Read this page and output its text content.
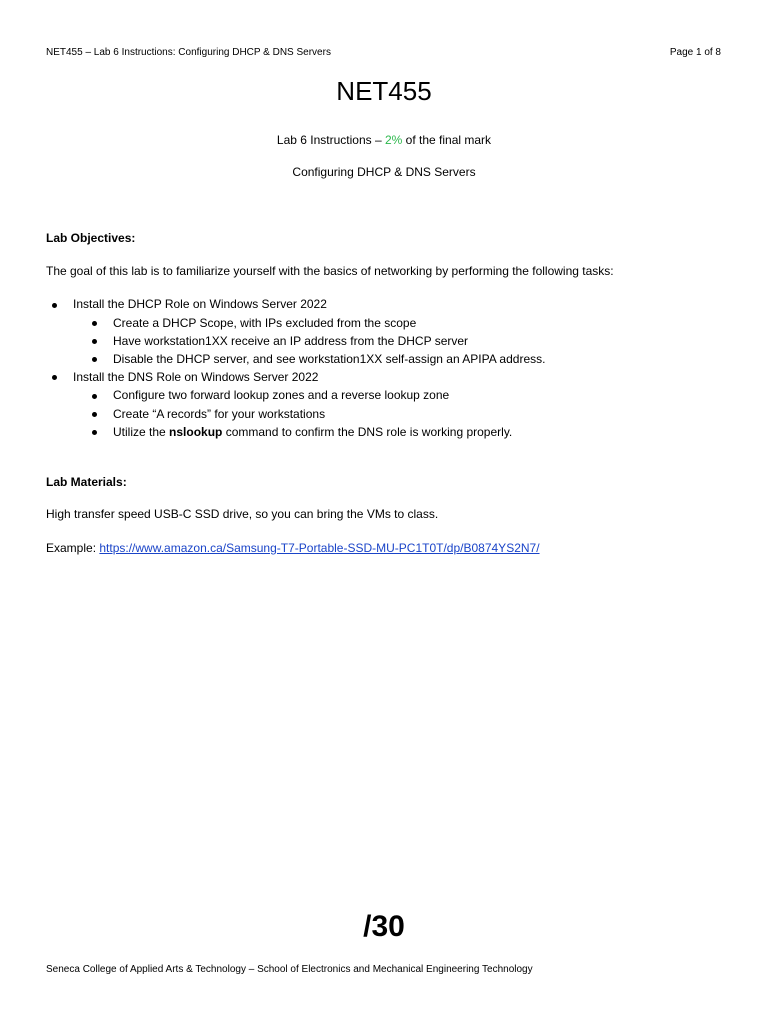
NET455 – Lab 6 Instructions: Configuring DHCP & DNS Servers	Page 1 of 8
NET455
Lab 6 Instructions – 2% of the final mark
Configuring DHCP & DNS Servers
Lab Objectives:
The goal of this lab is to familiarize yourself with the basics of networking by performing the following tasks:
Install the DHCP Role on Windows Server 2022
Create a DHCP Scope, with IPs excluded from the scope
Have workstation1XX receive an IP address from the DHCP server
Disable the DHCP server, and see workstation1XX self-assign an APIPA address.
Install the DNS Role on Windows Server 2022
Configure two forward lookup zones and a reverse lookup zone
Create “A records” for your workstations
Utilize the nslookup command to confirm the DNS role is working properly.
Lab Materials:
High transfer speed USB-C SSD drive, so you can bring the VMs to class.
Example: https://www.amazon.ca/Samsung-T7-Portable-SSD-MU-PC1T0T/dp/B0874YS2N7/
/30
Seneca College of Applied Arts & Technology – School of Electronics and Mechanical Engineering Technology
